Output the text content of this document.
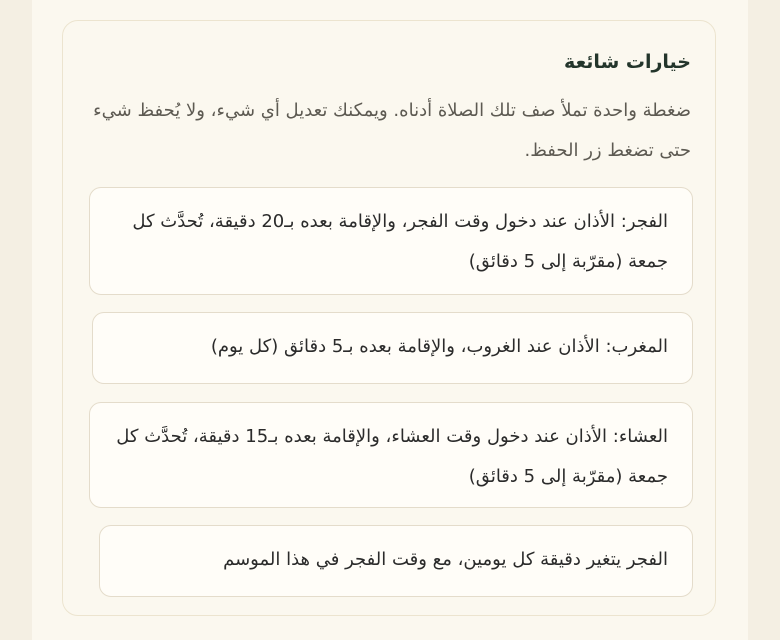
خيارات شائعة

ضغطة واحدة تملأ صف تلك الصلاة أدناه. ويمكنك تعديل أي شيء، ولا يُحفظ شيء حتى تضغط زر الحفظ.

الفجر: الأذان عند دخول وقت الفجر، والإقامة بعده بـ20 دقيقة، تُحدَّث كل جمعة (مقرّبة إلى 5 دقائق)

المغرب: الأذان عند الغروب، والإقامة بعده بـ5 دقائق (كل يوم)

العشاء: الأذان عند دخول وقت العشاء، والإقامة بعده بـ15 دقيقة، تُحدَّث كل جمعة (مقرّبة إلى 5 دقائق)

الفجر يتغير دقيقة كل يومين، مع وقت الفجر في هذا الموسم
